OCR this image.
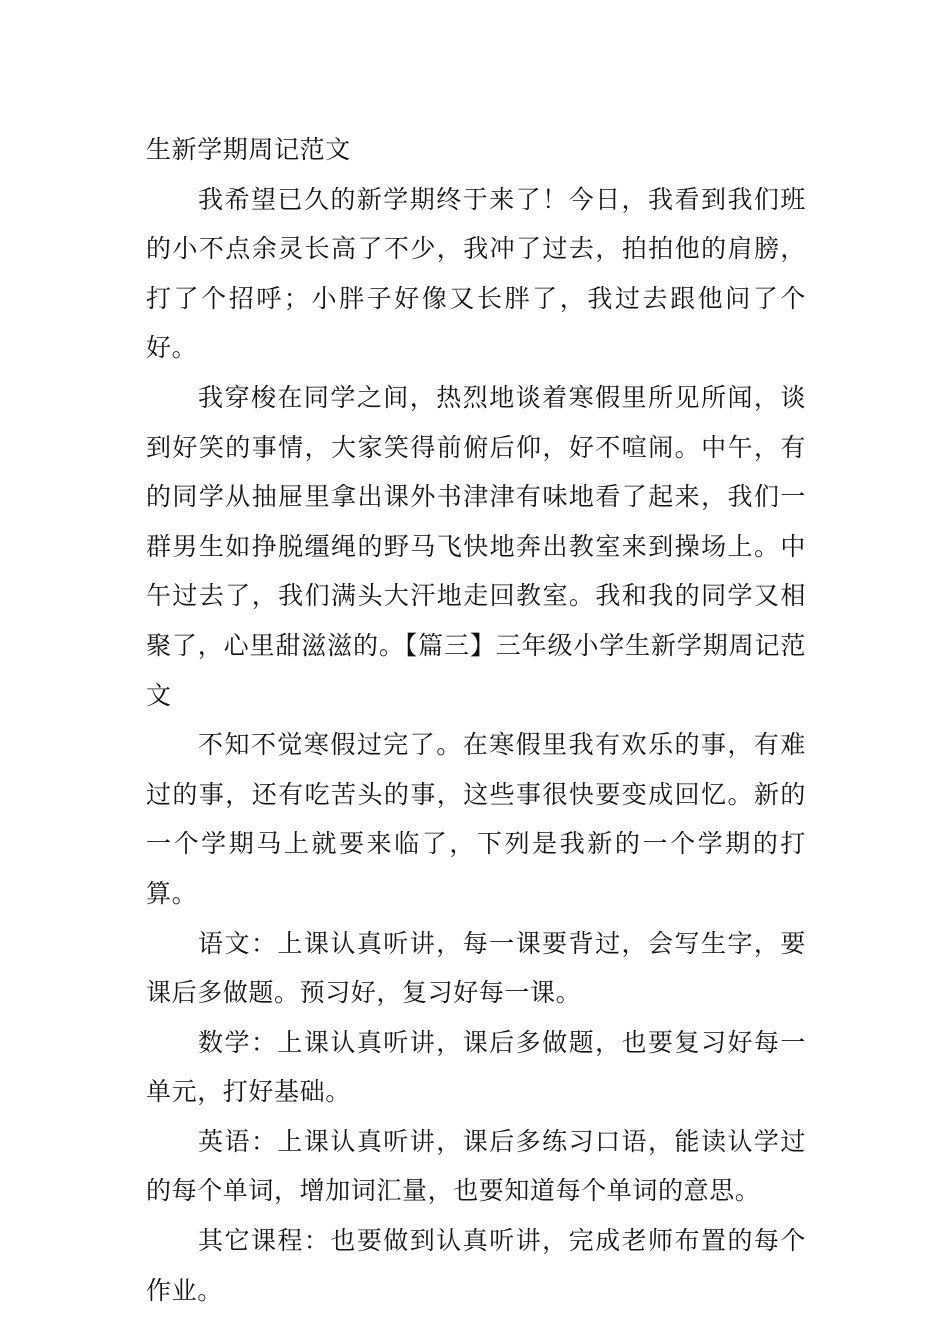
生新学期周记范文

我希望已久的新学期终于来了！今日，我看到我们班的小不点余灵长高了不少，我冲了过去，拍拍他的肩膀，打了个招呼；小胖子好像又长胖了，我过去跟他问了个好。

我穿梭在同学之间，热烈地谈着寒假里所见所闻，谈到好笑的事情，大家笑得前俯后仰，好不喧闹。中午，有的同学从抽屉里拿出课外书津津有味地看了起来，我们一群男生如挣脱缰绳的野马飞快地奔出教室来到操场上。中午过去了，我们满头大汗地走回教室。我和我的同学又相聚了，心里甜滋滋的。【篇三】三年级小学生新学期周记范文

不知不觉寒假过完了。在寒假里我有欢乐的事，有难过的事，还有吃苦头的事，这些事很快要变成回忆。新的一个学期马上就要来临了，下列是我新的一个学期的打算。

语文：上课认真听讲，每一课要背过，会写生字，要课后多做题。预习好，复习好每一课。

数学：上课认真听讲，课后多做题，也要复习好每一单元，打好基础。

英语：上课认真听讲，课后多练习口语，能读认学过的每个单词，增加词汇量，也要知道每个单词的意思。

其它课程：也要做到认真听讲，完成老师布置的每个作业。
